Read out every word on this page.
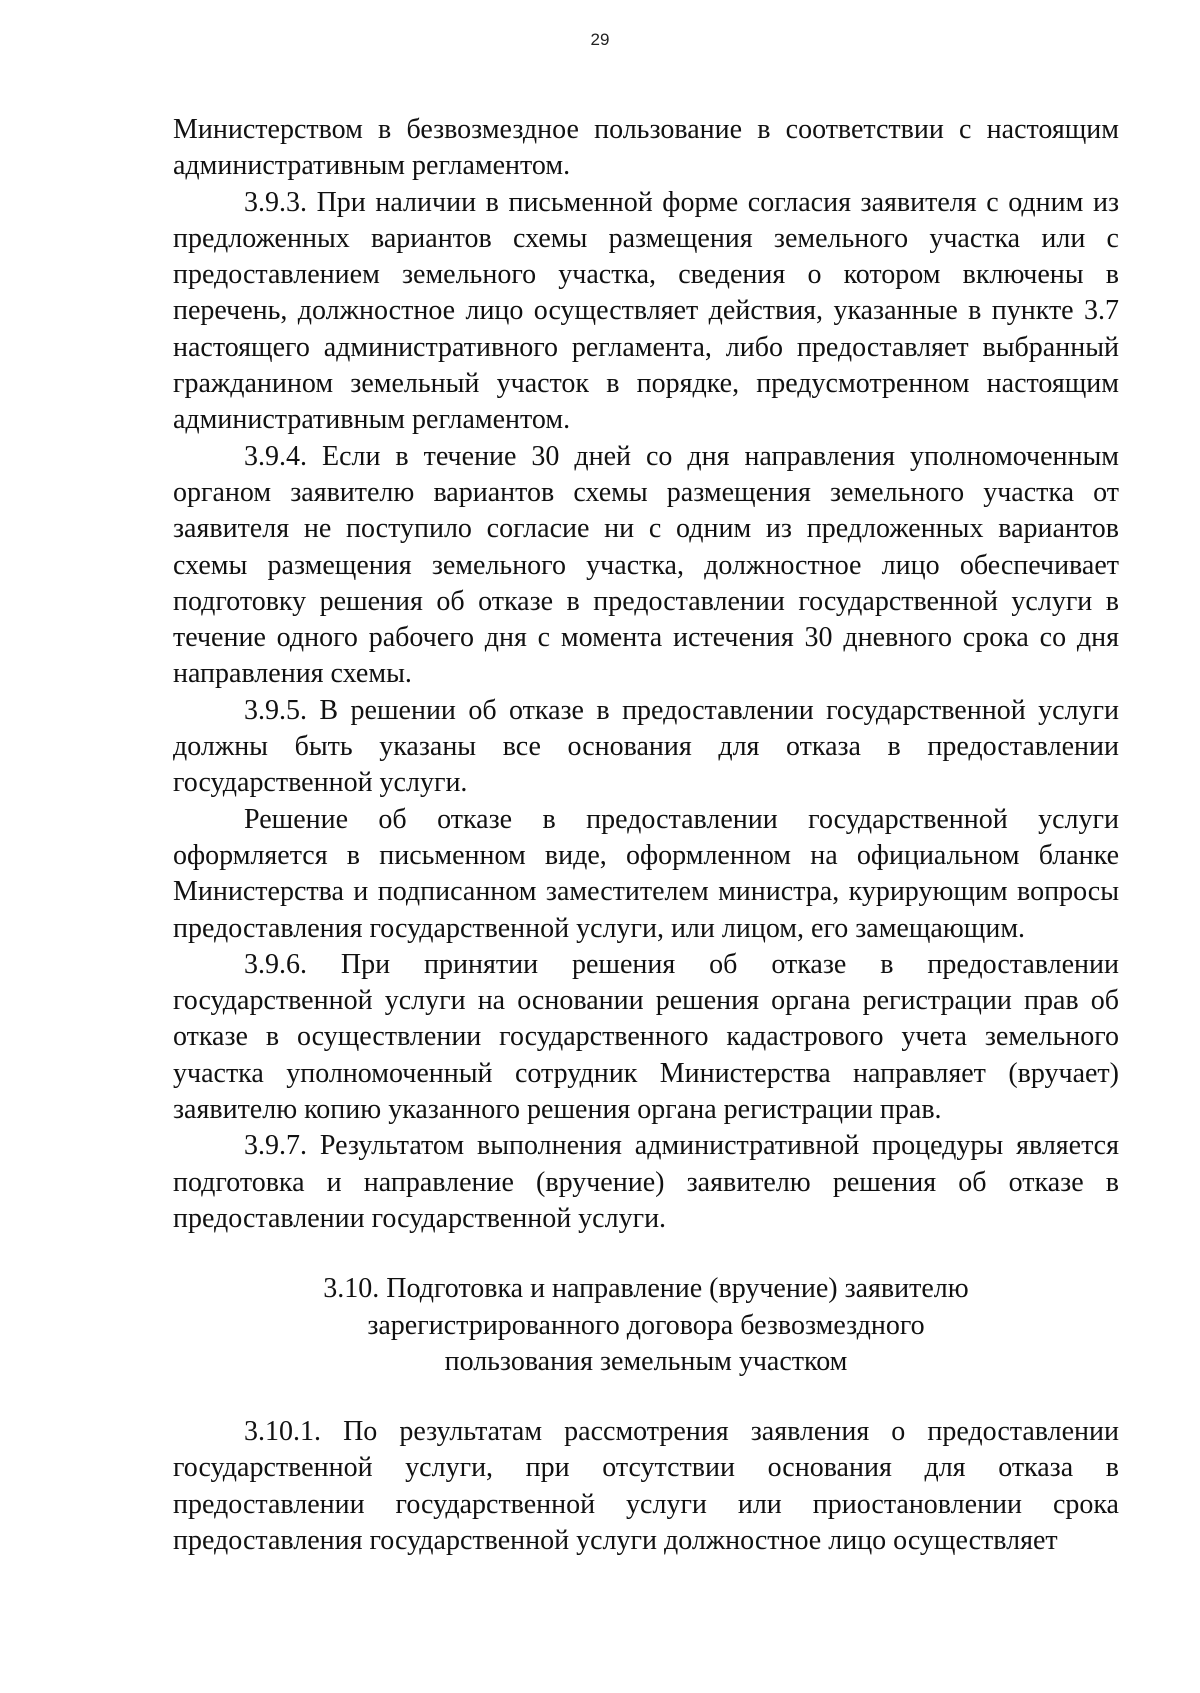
29

Министерством в безвозмездное пользование в соответствии с настоящим административным регламентом.

3.9.3. При наличии в письменной форме согласия заявителя с одним из предложенных вариантов схемы размещения земельного участка или с предоставлением земельного участка, сведения о котором включены в перечень, должностное лицо осуществляет действия, указанные в пункте 3.7 настоящего административного регламента, либо предоставляет выбранный гражданином земельный участок в порядке, предусмотренном настоящим административным регламентом.

3.9.4. Если в течение 30 дней со дня направления уполномоченным органом заявителю вариантов схемы размещения земельного участка от заявителя не поступило согласие ни с одним из предложенных вариантов схемы размещения земельного участка, должностное лицо обеспечивает подготовку решения об отказе в предоставлении государственной услуги в течение одного рабочего дня с момента истечения 30 дневного срока со дня направления схемы.

3.9.5. В решении об отказе в предоставлении государственной услуги должны быть указаны все основания для отказа в предоставлении государственной услуги.

Решение об отказе в предоставлении государственной услуги оформляется в письменном виде, оформленном на официальном бланке Министерства и подписанном заместителем министра, курирующим вопросы предоставления государственной услуги, или лицом, его замещающим.

3.9.6. При принятии решения об отказе в предоставлении государственной услуги на основании решения органа регистрации прав об отказе в осуществлении государственного кадастрового учета земельного участка уполномоченный сотрудник Министерства направляет (вручает) заявителю копию указанного решения органа регистрации прав.

3.9.7. Результатом выполнения административной процедуры является подготовка и направление (вручение) заявителю решения об отказе в предоставлении государственной услуги.

3.10. Подготовка и направление (вручение) заявителю
зарегистрированного договора безвозмездного
пользования земельным участком

3.10.1. По результатам рассмотрения заявления о предоставлении государственной услуги, при отсутствии основания для отказа в предоставлении государственной услуги или приостановлении срока предоставления государственной услуги должностное лицо осуществляет
